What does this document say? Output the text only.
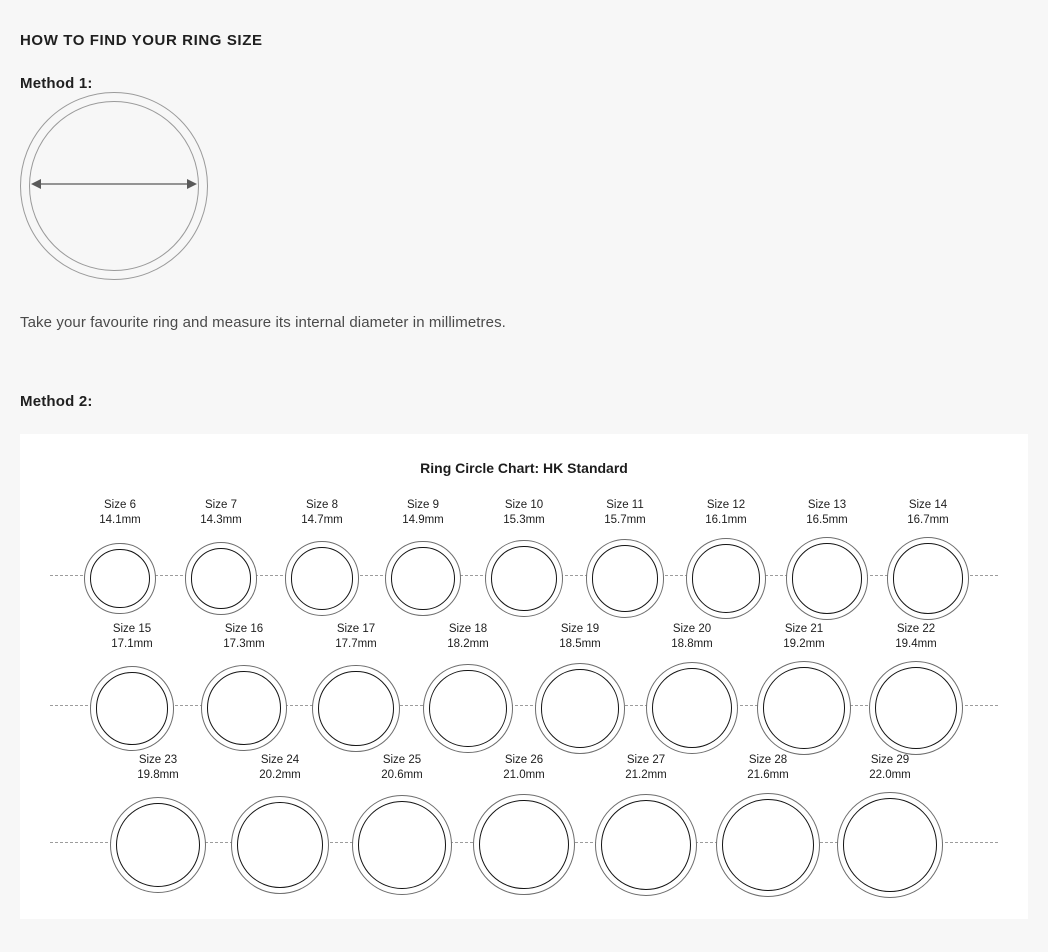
HOW TO FIND YOUR RING SIZE

Method 1:

Take your favourite ring and measure its internal diameter in millimetres.

Method 2:

Ring Circle Chart: HK Standard
Size 6
14.1mm
Size 7
14.3mm
Size 8
14.7mm
Size 9
14.9mm
Size 10
15.3mm
Size 11
15.7mm
Size 12
16.1mm
Size 13
16.5mm
Size 14
16.7mm
Size 15
17.1mm
Size 16
17.3mm
Size 17
17.7mm
Size 18
18.2mm
Size 19
18.5mm
Size 20
18.8mm
Size 21
19.2mm
Size 22
19.4mm
Size 23
19.8mm
Size 24
20.2mm
Size 25
20.6mm
Size 26
21.0mm
Size 27
21.2mm
Size 28
21.6mm
Size 29
22.0mm
